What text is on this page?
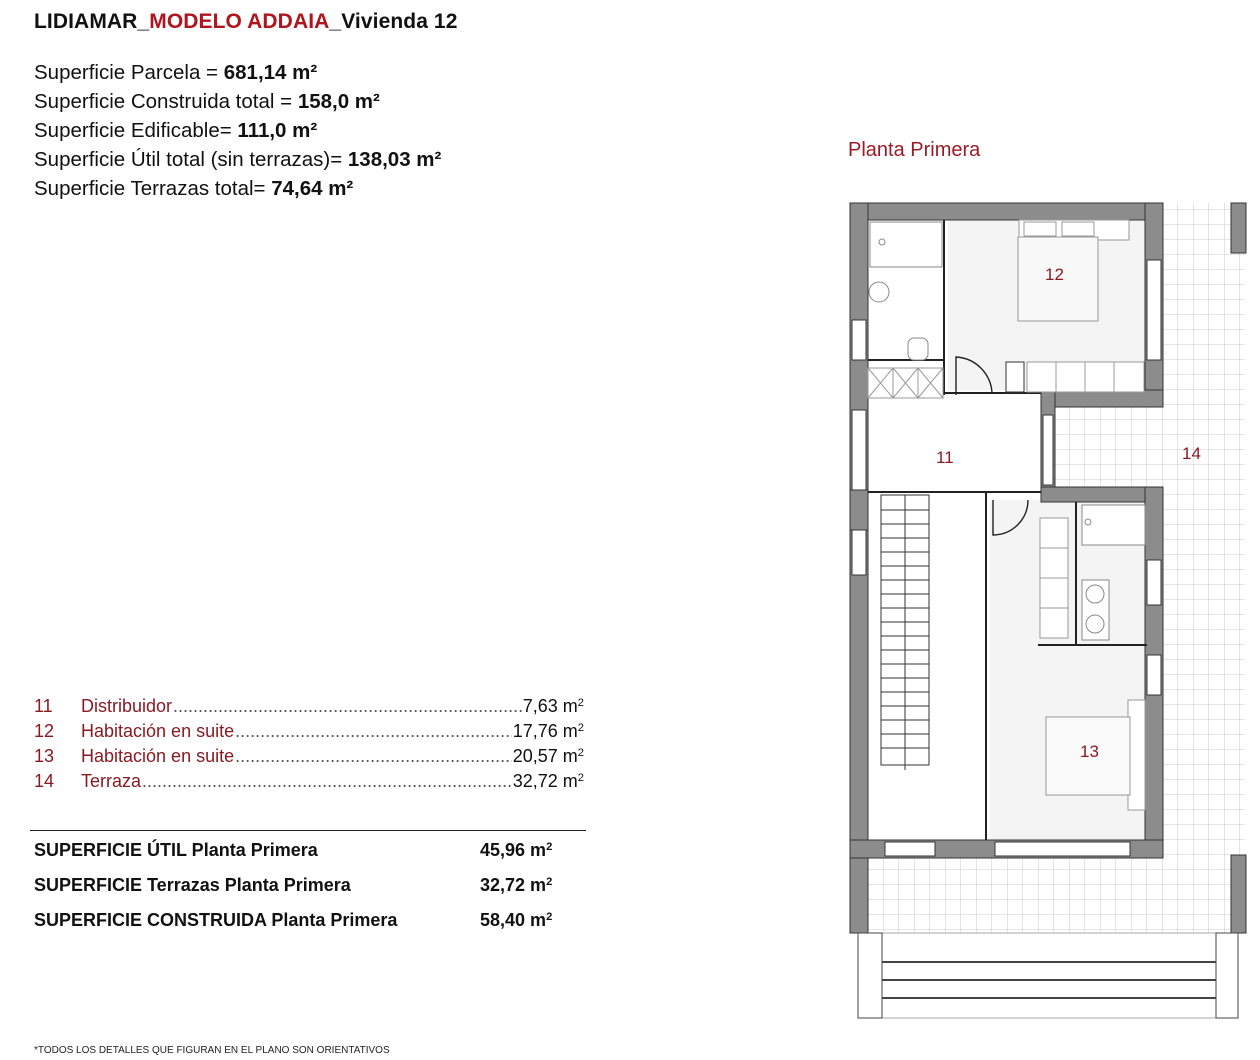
LIDIAMAR_MODELO ADDAIA_Vivienda 12
Superficie Parcela = 681,14 m²
Superficie Construida total = 158,0 m²
Superficie Edificable= 111,0 m²
Superficie Útil total (sin terrazas)= 138,03 m²
Superficie Terrazas total= 74,64 m²
Planta Primera
11	Distribuidor .....	7,63 $m^2$
12	Habitación en suite .....	17,76 $m^2$
13	Habitación en suite .....	20,57 $m^2$
14	Terraza .....	32,72 $m^2$
SUPERFICIE ÚTIL Planta Primera	45,96 $m^2$
SUPERFICIE Terrazas Planta Primera	32,72 $m^2$
SUPERFICIE CONSTRUIDA Planta Primera	58,40 $m^2$
*TODOS LOS DETALLES QUE FIGURAN EN EL PLANO SON ORIENTATIVOS
12
11	14
13
